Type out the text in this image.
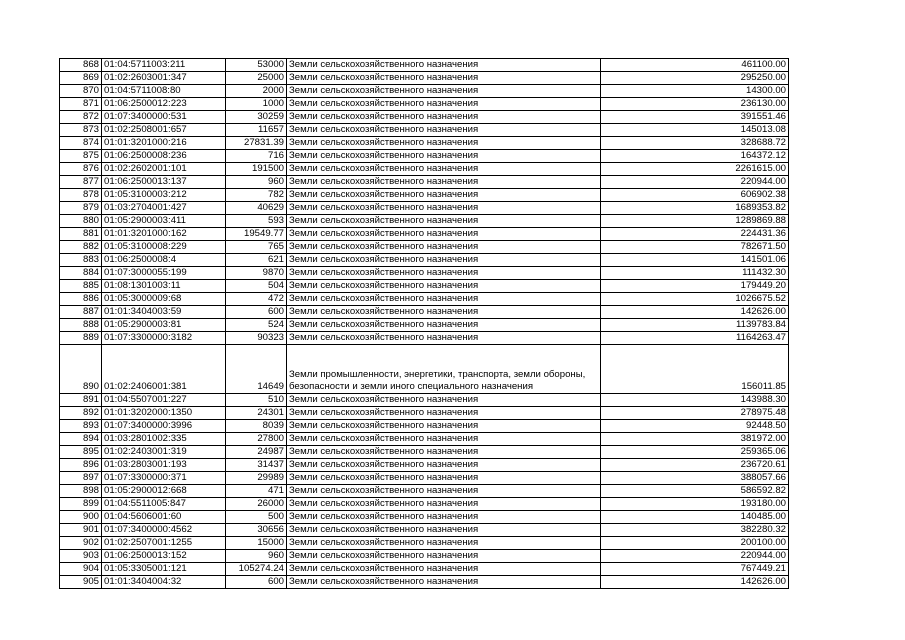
868	01:04:5711003:211	53000	Земли сельскохозяйственного назначения	461100.00
869	01:02:2603001:347	25000	Земли сельскохозяйственного назначения	295250.00
870	01:04:5711008:80	2000	Земли сельскохозяйственного назначения	14300.00
871	01:06:2500012:223	1000	Земли сельскохозяйственного назначения	236130.00
872	01:07:3400000:531	30259	Земли сельскохозяйственного назначения	391551.46
873	01:02:2508001:657	11657	Земли сельскохозяйственного назначения	145013.08
874	01:01:3201000:216	27831.39	Земли сельскохозяйственного назначения	328688.72
875	01:06:2500008:236	716	Земли сельскохозяйственного назначения	164372.12
876	01:02:2602001:101	191500	Земли сельскохозяйственного назначения	2261615.00
877	01:06:2500013:137	960	Земли сельскохозяйственного назначения	220944.00
878	01:05:3100003:212	782	Земли сельскохозяйственного назначения	606902.38
879	01:03:2704001:427	40629	Земли сельскохозяйственного назначения	1689353.82
880	01:05:2900003:411	593	Земли сельскохозяйственного назначения	1289869.88
881	01:01:3201000:162	19549.77	Земли сельскохозяйственного назначения	224431.36
882	01:05:3100008:229	765	Земли сельскохозяйственного назначения	782671.50
883	01:06:2500008:4	621	Земли сельскохозяйственного назначения	141501.06
884	01:07:3000055:199	9870	Земли сельскохозяйственного назначения	111432.30
885	01:08:1301003:11	504	Земли сельскохозяйственного назначения	179449.20
886	01:05:3000009:68	472	Земли сельскохозяйственного назначения	1026675.52
887	01:01:3404003:59	600	Земли сельскохозяйственного назначения	142626.00
888	01:05:2900003:81	524	Земли сельскохозяйственного назначения	1139783.84
889	01:07:3300000:3182	90323	Земли сельскохозяйственного назначения	1164263.47
890	01:02:2406001:381	14649	Земли промышленности, энергетики, транспорта, земли обороны, безопасности и земли иного специального назначения	156011.85
891	01:04:5507001:227	510	Земли сельскохозяйственного назначения	143988.30
892	01:01:3202000:1350	24301	Земли сельскохозяйственного назначения	278975.48
893	01:07:3400000:3996	8039	Земли сельскохозяйственного назначения	92448.50
894	01:03:2801002:335	27800	Земли сельскохозяйственного назначения	381972.00
895	01:02:2403001:319	24987	Земли сельскохозяйственного назначения	259365.06
896	01:03:2803001:193	31437	Земли сельскохозяйственного назначения	236720.61
897	01:07:3300000:371	29989	Земли сельскохозяйственного назначения	388057.66
898	01:05:2900012:668	471	Земли сельскохозяйственного назначения	586592.82
899	01:04:5511005:847	26000	Земли сельскохозяйственного назначения	193180.00
900	01:04:5606001:60	500	Земли сельскохозяйственного назначения	140485.00
901	01:07:3400000:4562	30656	Земли сельскохозяйственного назначения	382280.32
902	01:02:2507001:1255	15000	Земли сельскохозяйственного назначения	200100.00
903	01:06:2500013:152	960	Земли сельскохозяйственного назначения	220944.00
904	01:05:3305001:121	105274.24	Земли сельскохозяйственного назначения	767449.21
905	01:01:3404004:32	600	Земли сельскохозяйственного назначения	142626.00
